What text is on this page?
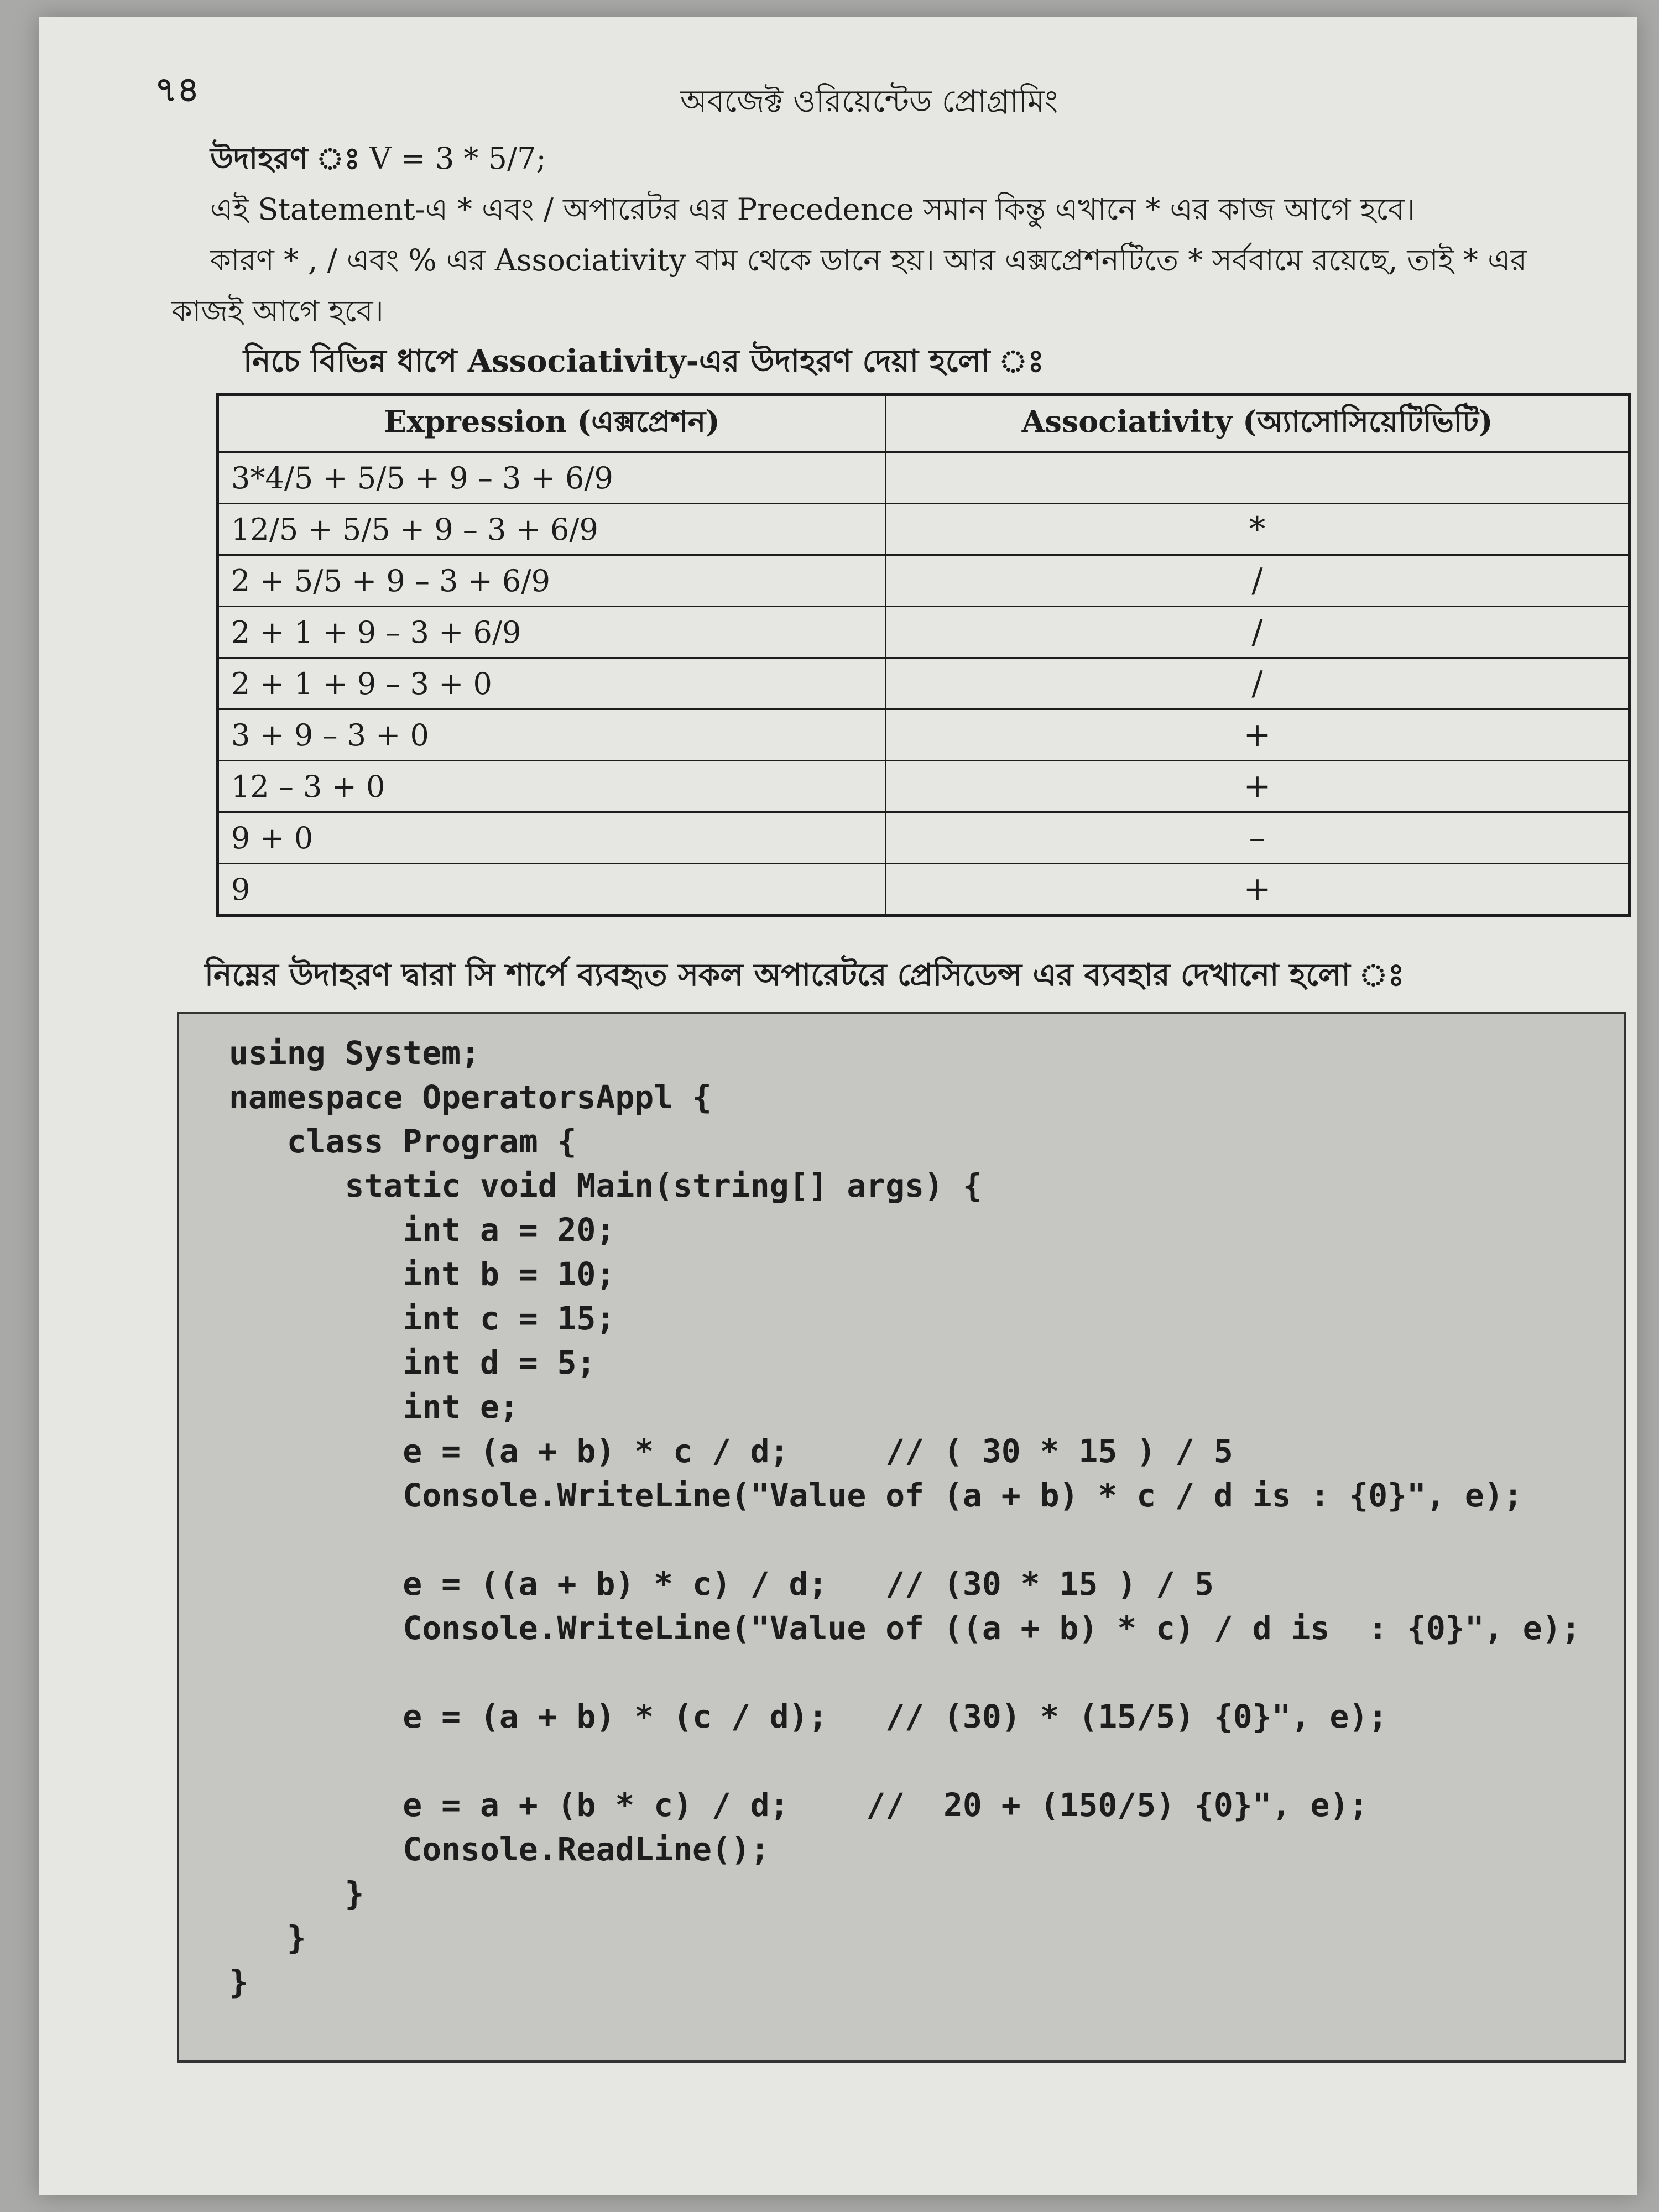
৭৪	অবজেক্ট ওরিয়েন্টেড প্রোগ্রামিং

উদাহরণ ঃ V = 3 * 5/7;

এই Statement-এ * এবং / অপারেটর এর Precedence সমান কিন্তু এখানে * এর কাজ আগে হবে।

কারণ * , / এবং % এর Associativity বাম থেকে ডানে হয়। আর এক্সপ্রেশনটিতে * সর্ববামে রয়েছে, তাই * এর

কাজই আগে হবে।

নিচে বিভিন্ন ধাপে Associativity-এর উদাহরণ দেয়া হলো ঃ
Expression (এক্সপ্রেশন)	Associativity (অ্যাসোসিয়েটিভিটি)
3*4/5 + 5/5 + 9 – 3 + 6/9	
12/5 + 5/5 + 9 – 3 + 6/9	*
2 + 5/5 + 9 – 3 + 6/9	/
2 + 1 + 9 – 3 + 6/9	/
2 + 1 + 9 – 3 + 0	/
3 + 9 – 3 + 0	+
12 – 3 + 0	+
9 + 0	–
9	+
নিম্নের উদাহরণ দ্বারা সি শার্পে ব্যবহৃত সকল অপারেটরে প্রেসিডেন্স এর ব্যবহার দেখানো হলো ঃ
using System;
namespace OperatorsAppl {
class Program {
static void Main(string[] args) {
int a = 20;
int b = 10;
int c = 15;
int d = 5;
int e;
e = (a + b) * c / d;     // ( 30 * 15 ) / 5
Console.WriteLine("Value of (a + b) * c / d is : {0}", e);
e = ((a + b) * c) / d;   // (30 * 15 ) / 5
Console.WriteLine("Value of ((a + b) * c) / d is  : {0}", e);
e = (a + b) * (c / d);   // (30) * (15/5) {0}", e);
e = a + (b * c) / d;    //  20 + (150/5) {0}", e);
Console.ReadLine();
}
}
}
